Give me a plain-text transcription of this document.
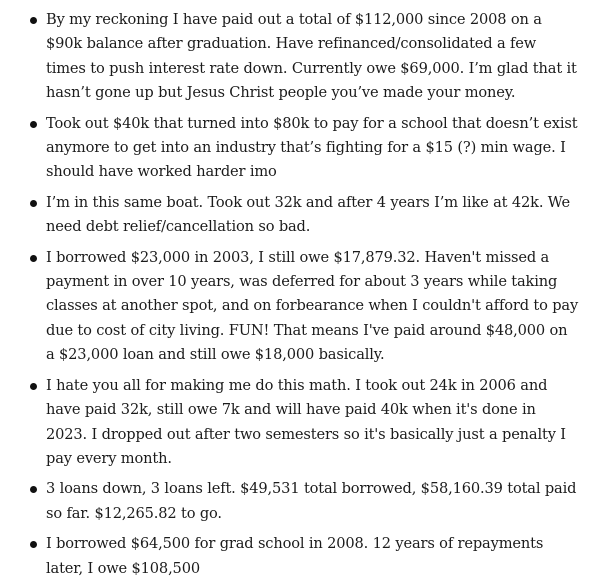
By my reckoning I have paid out a total of $112,000 since 2008 on a $90k balance after graduation. Have refinanced/consolidated a few times to push interest rate down. Currently owe $69,000. I’m glad that it hasn’t gone up but Jesus Christ people you’ve made your money.
Took out $40k that turned into $80k to pay for a school that doesn’t exist anymore to get into an industry that’s fighting for a $15 (?) min wage. I should have worked harder imo
I’m in this same boat. Took out 32k and after 4 years I’m like at 42k. We need debt relief/cancellation so bad.
I borrowed $23,000 in 2003, I still owe $17,879.32. Haven't missed a payment in over 10 years, was deferred for about 3 years while taking classes at another spot, and on forbearance when I couldn't afford to pay due to cost of city living. FUN! That means I've paid around $48,000 on a $23,000 loan and still owe $18,000 basically.
I hate you all for making me do this math. I took out 24k in 2006 and have paid 32k, still owe 7k and will have paid 40k when it's done in 2023. I dropped out after two semesters so it's basically just a penalty I pay every month.
3 loans down, 3 loans left. $49,531 total borrowed, $58,160.39 total paid so far. $12,265.82 to go.
I borrowed $64,500 for grad school in 2008. 12 years of repayments later, I owe $108,500
